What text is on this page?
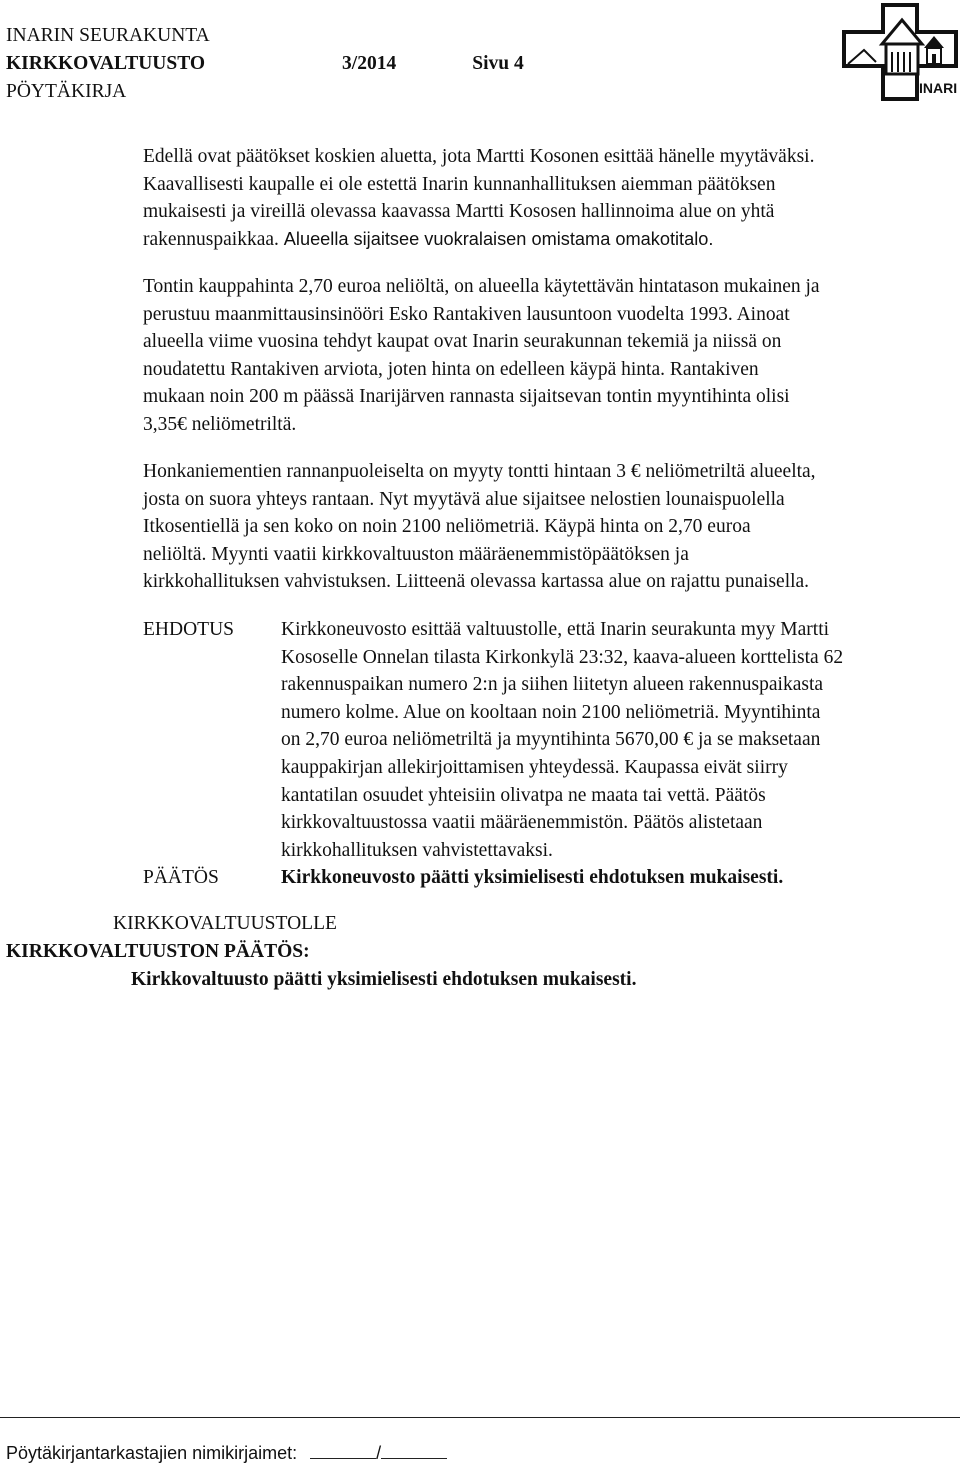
INARIN SEURAKUNTA
KIRKKOVALTUUSTO	3/2014	Sivu 4
PÖYTÄKIRJA	INARI
Edellä ovat päätökset koskien aluetta, jota Martti Kosonen esittää hänelle myytäväksi.
Kaavallisesti kaupalle ei ole estettä Inarin kunnanhallituksen aiemman päätöksen
mukaisesti ja vireillä olevassa kaavassa Martti Kososen hallinnoima alue on yhtä
rakennuspaikkaa. Alueella sijaitsee vuokralaisen omistama omakotitalo.
Tontin kauppahinta 2,70 euroa neliöltä, on alueella käytettävän hintatason mukainen ja
perustuu maanmittausinsinööri Esko Rantakiven lausuntoon vuodelta 1993. Ainoat
alueella viime vuosina tehdyt kaupat ovat Inarin seurakunnan tekemiä ja niissä on
noudatettu Rantakiven arviota, joten hinta on edelleen käypä hinta. Rantakiven
mukaan noin 200 m päässä Inarijärven rannasta sijaitsevan tontin myyntihinta olisi
3,35€ neliömetriltä.
Honkaniementien rannanpuoleiselta on myyty tontti hintaan 3 € neliömetriltä alueelta,
josta on suora yhteys rantaan. Nyt myytävä alue sijaitsee nelostien lounaispuolella
Itkosentiellä ja sen koko on noin 2100 neliömetriä. Käypä hinta on 2,70 euroa
neliöltä. Myynti vaatii kirkkovaltuuston määräenemmistöpäätöksen ja
kirkkohallituksen vahvistuksen. Liitteenä olevassa kartassa alue on rajattu punaisella.
EHDOTUS Kirkkoneuvosto esittää valtuustolle, että Inarin seurakunta myy Martti
Kososelle Onnelan tilasta Kirkonkylä 23:32, kaava-alueen korttelista 62
rakennuspaikan numero 2:n ja siihen liitetyn alueen rakennuspaikasta
numero kolme. Alue on kooltaan noin 2100 neliömetriä. Myyntihinta
on 2,70 euroa neliömetriltä ja myyntihinta 5670,00 € ja se maksetaan
kauppakirjan allekirjoittamisen yhteydessä. Kaupassa eivät siirry
kantatilan osuudet yhteisiin olivatpa ne maata tai vettä. Päätös
kirkkovaltuustossa vaatii määräenemmistön. Päätös alistetaan
kirkkohallituksen vahvistettavaksi.
PÄÄTÖS	Kirkkoneuvosto päätti yksimielisesti ehdotuksen mukaisesti.
KIRKKOVALTUUSTOLLE
KIRKKOVALTUUSTON PÄÄTÖS:
Kirkkovaltuusto päätti yksimielisesti ehdotuksen mukaisesti.
Pöytäkirjantarkastajien nimikirjaimet:	/
